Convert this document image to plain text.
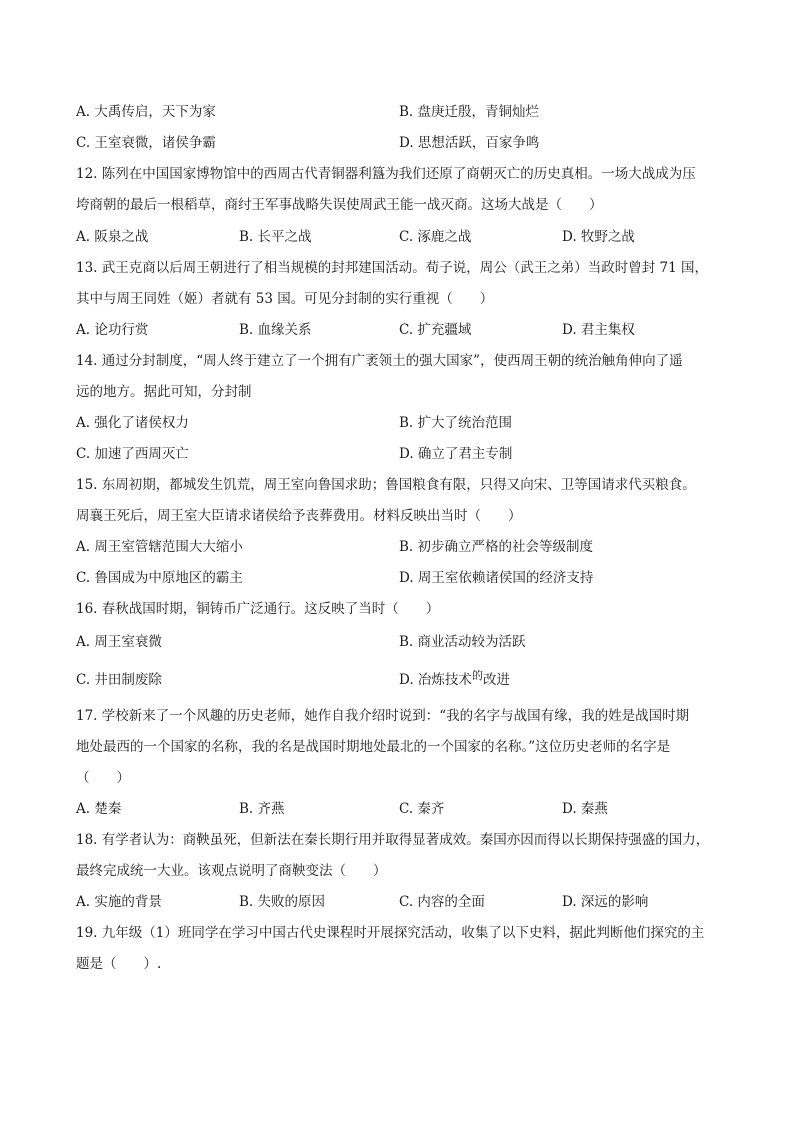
A. 大禹传启，天下为家	B. 盘庚迁殷，青铜灿烂
C. 王室衰微，诸侯争霸	D. 思想活跃，百家争鸣
12. 陈列在中国国家博物馆中的西周古代青铜器利簋为我们还原了商朝灭亡的历史真相。一场大战成为压
垮商朝的最后一根稻草，商纣王军事战略失误使周武王能一战灭商。这场大战是（　　）
A. 阪泉之战	B. 长平之战	C. 涿鹿之战	D. 牧野之战
13. 武王克商以后周王朝进行了相当规模的封邦建国活动。荀子说，周公（武王之弟）当政时曾封 71 国，
其中与周王同姓（姬）者就有 53 国。可见分封制的实行重视（　　）
A. 论功行赏	B. 血缘关系	C. 扩充疆域	D. 君主集权
14. 通过分封制度，“周人终于建立了一个拥有广袤领土的强大国家”，使西周王朝的统治触角伸向了遥
远的地方。据此可知，分封制
A. 强化了诸侯权力	B. 扩大了统治范围
C. 加速了西周灭亡	D. 确立了君主专制
15. 东周初期，都城发生饥荒，周王室向鲁国求助；鲁国粮食有限，只得又向宋、卫等国请求代买粮食。
周襄王死后，周王室大臣请求诸侯给予丧葬费用。材料反映出当时（　　）
A. 周王室管辖范围大大缩小	B. 初步确立严格的社会等级制度
C. 鲁国成为中原地区的霸主	D. 周王室依赖诸侯国的经济支持
16. 春秋战国时期，铜铸币广泛通行。这反映了当时（　　）
A. 周王室衰微	B. 商业活动较为活跃
C. 井田制废除	D. 冶炼技术$^的$改进
17. 学校新来了一个风趣的历史老师，她作自我介绍时说到：“我的名字与战国有缘，我的姓是战国时期
地处最西的一个国家的名称，我的名是战国时期地处最北的一个国家的名称。”这位历史老师的名字是
（　　）
A. 楚秦	B. 齐燕	C. 秦齐	D. 秦燕
18. 有学者认为：商鞅虽死，但新法在秦长期行用并取得显著成效。秦国亦因而得以长期保持强盛的国力，
最终完成统一大业。该观点说明了商鞅变法（　　）
A. 实施的背景	B. 失败的原因	C. 内容的全面	D. 深远的影响
19. 九年级（1）班同学在学习中国古代史课程时开展探究活动，收集了以下史料，据此判断他们探究的主
题是（　　）.
